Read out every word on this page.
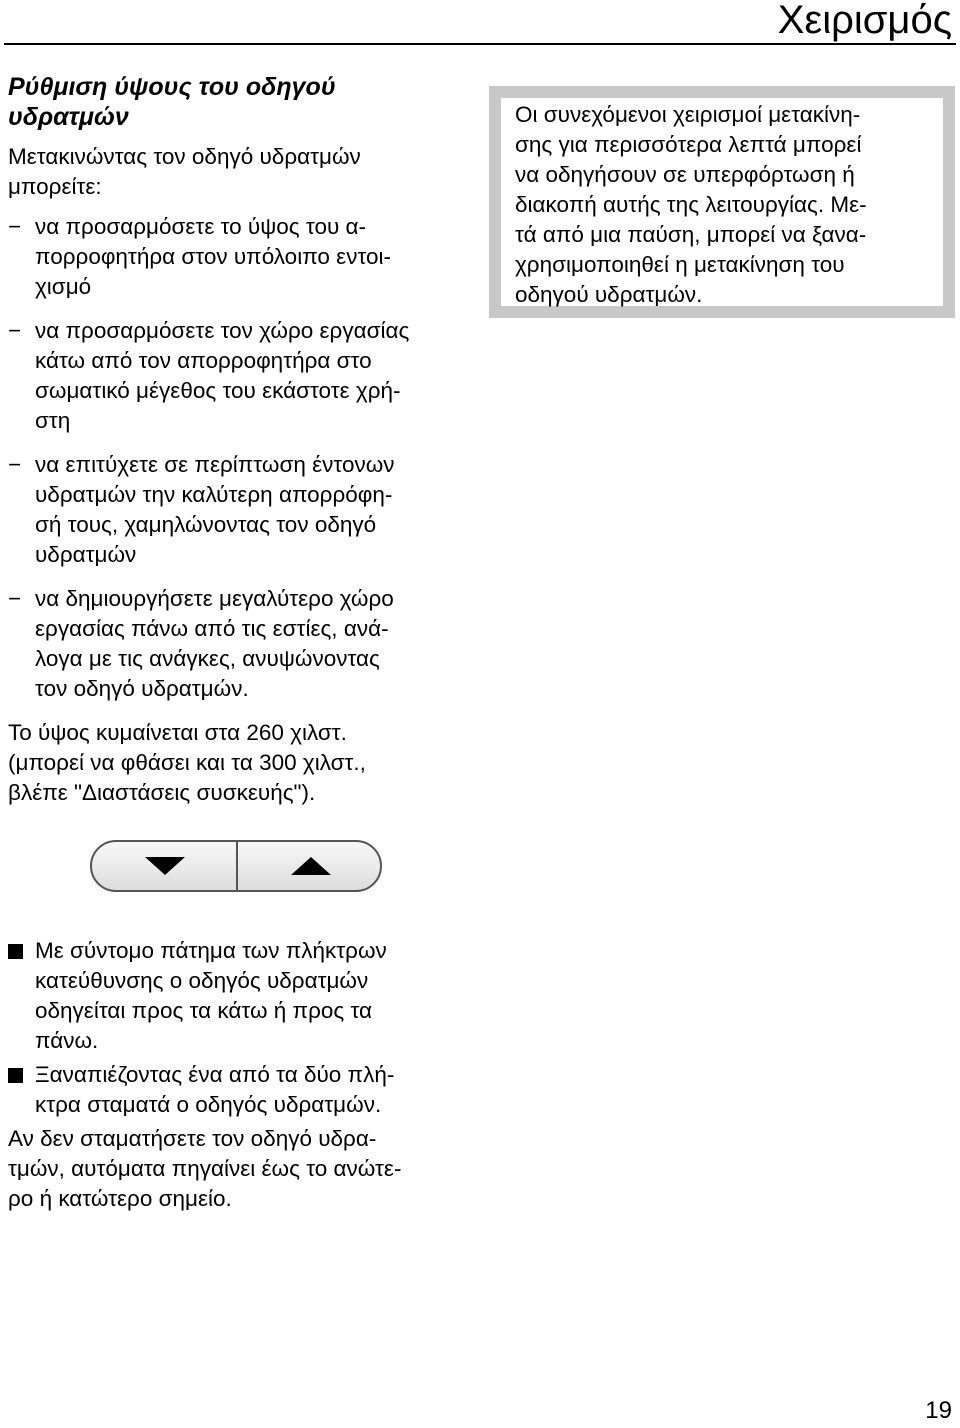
Χειρισμός
Ρύθμιση ύψους του οδηγού
υδρατμών
Μετακινώντας τον οδηγό υδρατμών
μπορείτε:
− να προσαρμόσετε το ύψος του α-
πορροφητήρα στον υπόλοιπο εντοι-
χισμό
− να προσαρμόσετε τον χώρο εργασίας
κάτω από τον απορροφητήρα στο
σωματικό μέγεθος του εκάστοτε χρή-
στη
− να επιτύχετε σε περίπτωση έντονων
υδρατμών την καλύτερη απορρόφη-
σή τους, χαμηλώνοντας τον οδηγό
υδρατμών
− να δημιουργήσετε μεγαλύτερο χώρο
εργασίας πάνω από τις εστίες, ανά-
λογα με τις ανάγκες, ανυψώνοντας
τον οδηγό υδρατμών.
Το ύψος κυμαίνεται στα 260 χιλστ.
(μπορεί να φθάσει και τα 300 χιλστ.,
βλέπε "Διαστάσεις συσκευής").
Οι συνεχόμενοι χειρισμοί μετακίνη-
σης για περισσότερα λεπτά μπορεί
να οδηγήσουν σε υπερφόρτωση ή
διακοπή αυτής της λειτουργίας. Με-
τά από μια παύση, μπορεί να ξανα-
χρησιμοποιηθεί η μετακίνηση του
οδηγού υδρατμών.
Με σύντομο πάτημα των πλήκτρων
κατεύθυνσης ο οδηγός υδρατμών
οδηγείται προς τα κάτω ή προς τα
πάνω.
Ξαναπιέζοντας ένα από τα δύο πλή-
κτρα σταματά ο οδηγός υδρατμών.
Αν δεν σταματήσετε τον οδηγό υδρα-
τμών, αυτόματα πηγαίνει έως το ανώτε-
ρο ή κατώτερο σημείο.
19
